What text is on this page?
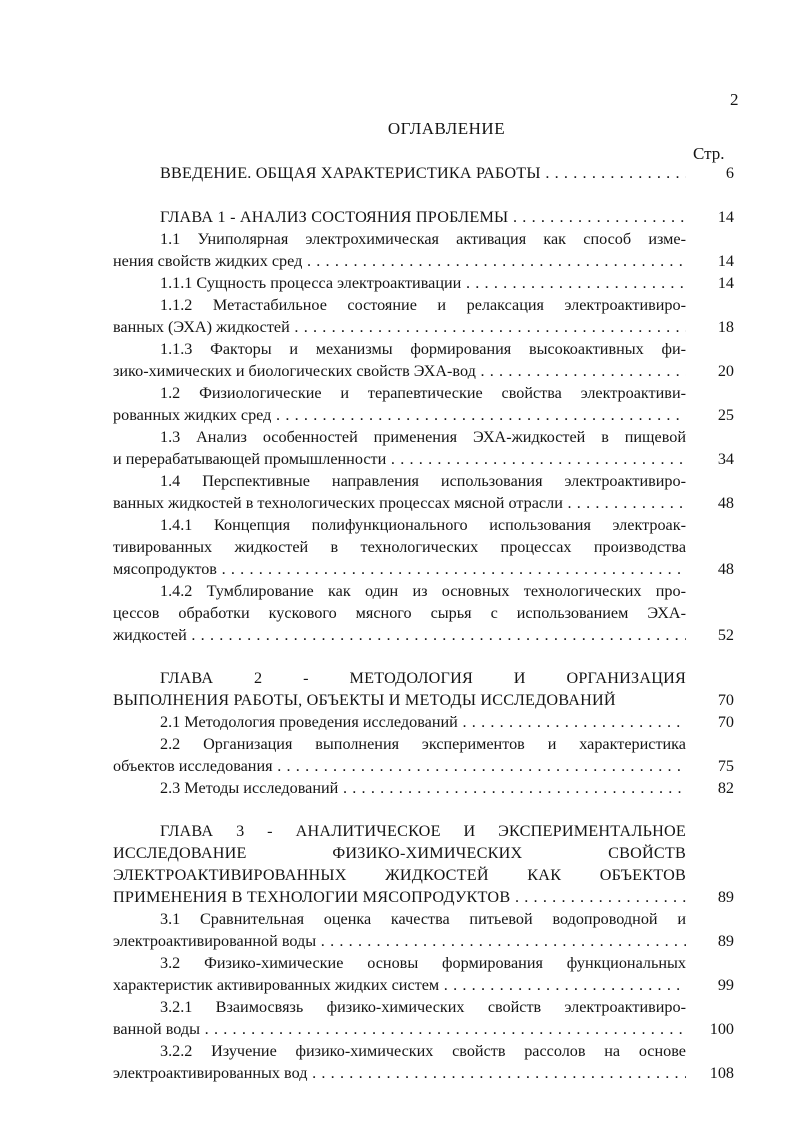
2
ОГЛАВЛЕНИЕ
Стр.
ВВЕДЕНИЕ. ОБЩАЯ ХАРАКТЕРИСТИКА РАБОТЫ . . .	6
ГЛАВА 1 - АНАЛИЗ СОСТОЯНИЯ ПРОБЛЕМЫ . . .	14
1.1 Униполярная электрохимическая активация как способ изме-
нения свойств жидких сред . . .	14
1.1.1 Сущность процесса электроактивации . . .	14
1.1.2 Метастабильное состояние и релаксация электроактивиро-
ванных (ЭХА) жидкостей . . .	18
1.1.3 Факторы и механизмы формирования высокоактивных фи-
зико-химических и биологических свойств ЭХА-вод . . .	20
1.2 Физиологические и терапевтические свойства электроактиви-
рованных жидких сред . . .	25
1.3 Анализ особенностей применения ЭХА-жидкостей в пищевой
и перерабатывающей промышленности . . .	34
1.4 Перспективные направления использования электроактивиро-
ванных жидкостей в технологических процессах мясной отрасли . . .	48
1.4.1 Концепция полифункционального использования электроак-
тивированных жидкостей в технологических процессах производства
мясопродуктов . . .	48
1.4.2 Тумблирование как один из основных технологических про-
цессов обработки кускового мясного сырья с использованием ЭХА-
жидкостей . . .	52
ГЛАВА 2 - МЕТОДОЛОГИЯ И ОРГАНИЗАЦИЯ
ВЫПОЛНЕНИЯ РАБОТЫ, ОБЪЕКТЫ И МЕТОДЫ ИССЛЕДОВАНИЙ	70
2.1 Методология проведения исследований . . .	70
2.2 Организация выполнения экспериментов и характеристика
объектов исследования . . .	75
2.3 Методы исследований . . .	82
ГЛАВА 3 - АНАЛИТИЧЕСКОЕ И ЭКСПЕРИМЕНТАЛЬНОЕ
ИССЛЕДОВАНИЕ ФИЗИКО-ХИМИЧЕСКИХ СВОЙСТВ
ЭЛЕКТРОАКТИВИРОВАННЫХ ЖИДКОСТЕЙ КАК ОБЪЕКТОВ
ПРИМЕНЕНИЯ В ТЕХНОЛОГИИ МЯСОПРОДУКТОВ . . .	89
3.1 Сравнительная оценка качества питьевой водопроводной и
электроактивированной воды . . .	89
3.2 Физико-химические основы формирования функциональных
характеристик активированных жидких систем . . .	99
3.2.1 Взаимосвязь физико-химических свойств электроактивиро-
ванной воды . . .	100
3.2.2 Изучение физико-химических свойств рассолов на основе
электроактивированных вод . . .	108
